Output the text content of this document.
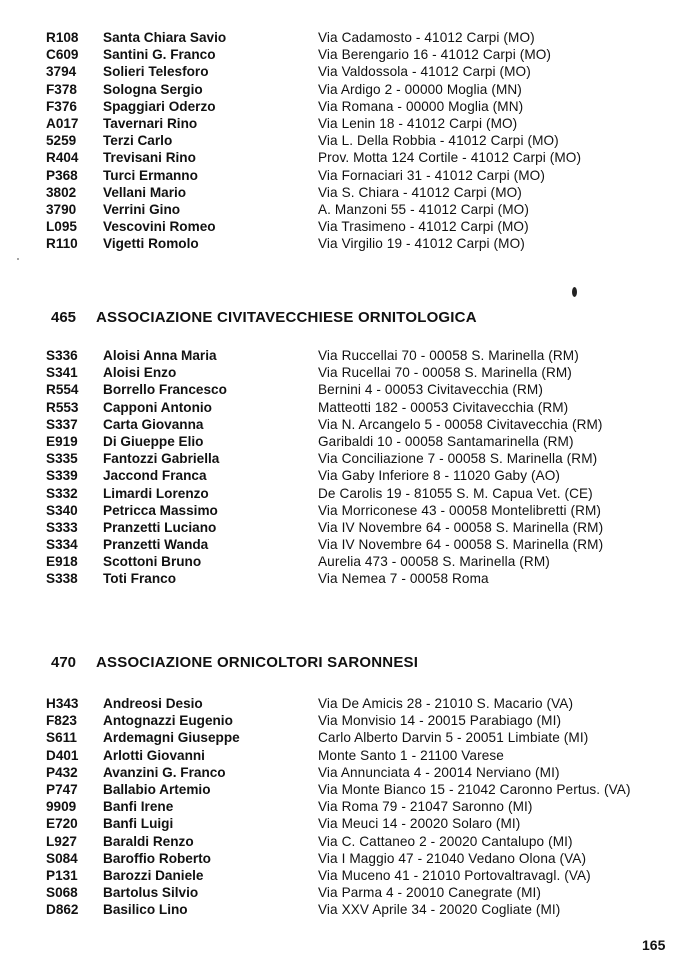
R108 Santa Chiara Savio	Via Cadamosto - 41012 Carpi (MO)
C609 Santini G. Franco	Via Berengario 16 - 41012 Carpi (MO)
3794 Solieri Telesforo	Via Valdossola - 41012 Carpi (MO)
F378 Sologna Sergio	Via Ardigo 2 - 00000 Moglia (MN)
F376 Spaggiari Oderzo	Via Romana - 00000 Moglia (MN)
A017 Tavernari Rino	Via Lenin 18 - 41012 Carpi (MO)
5259 Terzi Carlo	Via L. Della Robbia - 41012 Carpi (MO)
R404 Trevisani Rino	Prov. Motta 124 Cortile - 41012 Carpi (MO)
P368 Turci Ermanno	Via Fornaciari 31 - 41012 Carpi (MO)
3802 Vellani Mario	Via S. Chiara - 41012 Carpi (MO)
3790 Verrini Gino	A. Manzoni 55 - 41012 Carpi (MO)
L095 Vescovini Romeo	Via Trasimeno - 41012 Carpi (MO)
R110 Vigetti Romolo	Via Virgilio 19 - 41012 Carpi (MO)
465 ASSOCIAZIONE CIVITAVECCHIESE ORNITOLOGICA
S336 Aloisi Anna Maria	Via Ruccellai 70 - 00058 S. Marinella (RM)
S341 Aloisi Enzo	Via Rucellai 70 - 00058 S. Marinella (RM)
R554 Borrello Francesco	Bernini 4 - 00053 Civitavecchia (RM)
R553 Capponi Antonio	Matteotti 182 - 00053 Civitavecchia (RM)
S337 Carta Giovanna	Via N. Arcangelo 5 - 00058 Civitavecchia (RM)
E919 Di Giueppe Elio	Garibaldi 10 - 00058 Santamarinella (RM)
S335 Fantozzi Gabriella	Via Conciliazione 7 - 00058 S. Marinella (RM)
S339 Jaccond Franca	Via Gaby Inferiore 8 - 11020 Gaby (AO)
S332 Limardi Lorenzo	De Carolis 19 - 81055 S. M. Capua Vet. (CE)
S340 Petricca Massimo	Via Morriconese 43 - 00058 Montelibretti (RM)
S333 Pranzetti Luciano	Via IV Novembre 64 - 00058 S. Marinella (RM)
S334 Pranzetti Wanda	Via IV Novembre 64 - 00058 S. Marinella (RM)
E918 Scottoni Bruno	Aurelia 473 - 00058 S. Marinella (RM)
S338 Toti Franco	Via Nemea 7 - 00058 Roma
470 ASSOCIAZIONE ORNICOLTORI SARONNESI
H343 Andreosi Desio	Via De Amicis 28 - 21010 S. Macario (VA)
F823 Antognazzi Eugenio	Via Monvisio 14 - 20015 Parabiago (MI)
S611 Ardemagni Giuseppe	Carlo Alberto Darvin 5 - 20051 Limbiate (MI)
D401 Arlotti Giovanni	Monte Santo 1 - 21100 Varese
P432 Avanzini G. Franco	Via Annunciata 4 - 20014 Nerviano (MI)
P747 Ballabio Artemio	Via Monte Bianco 15 - 21042 Caronno Pertus. (VA)
9909 Banfi Irene	Via Roma 79 - 21047 Saronno (MI)
E720 Banfi Luigi	Via Meuci 14 - 20020 Solaro (MI)
L927 Baraldi Renzo	Via C. Cattaneo 2 - 20020 Cantalupo (MI)
S084 Baroffio Roberto	Via I Maggio 47 - 21040 Vedano Olona (VA)
P131 Barozzi Daniele	Via Muceno 41 - 21010 Portovaltravagl. (VA)
S068 Bartolus Silvio	Via Parma 4 - 20010 Canegrate (MI)
D862 Basilico Lino	Via XXV Aprile 34 - 20020 Cogliate (MI)
165
